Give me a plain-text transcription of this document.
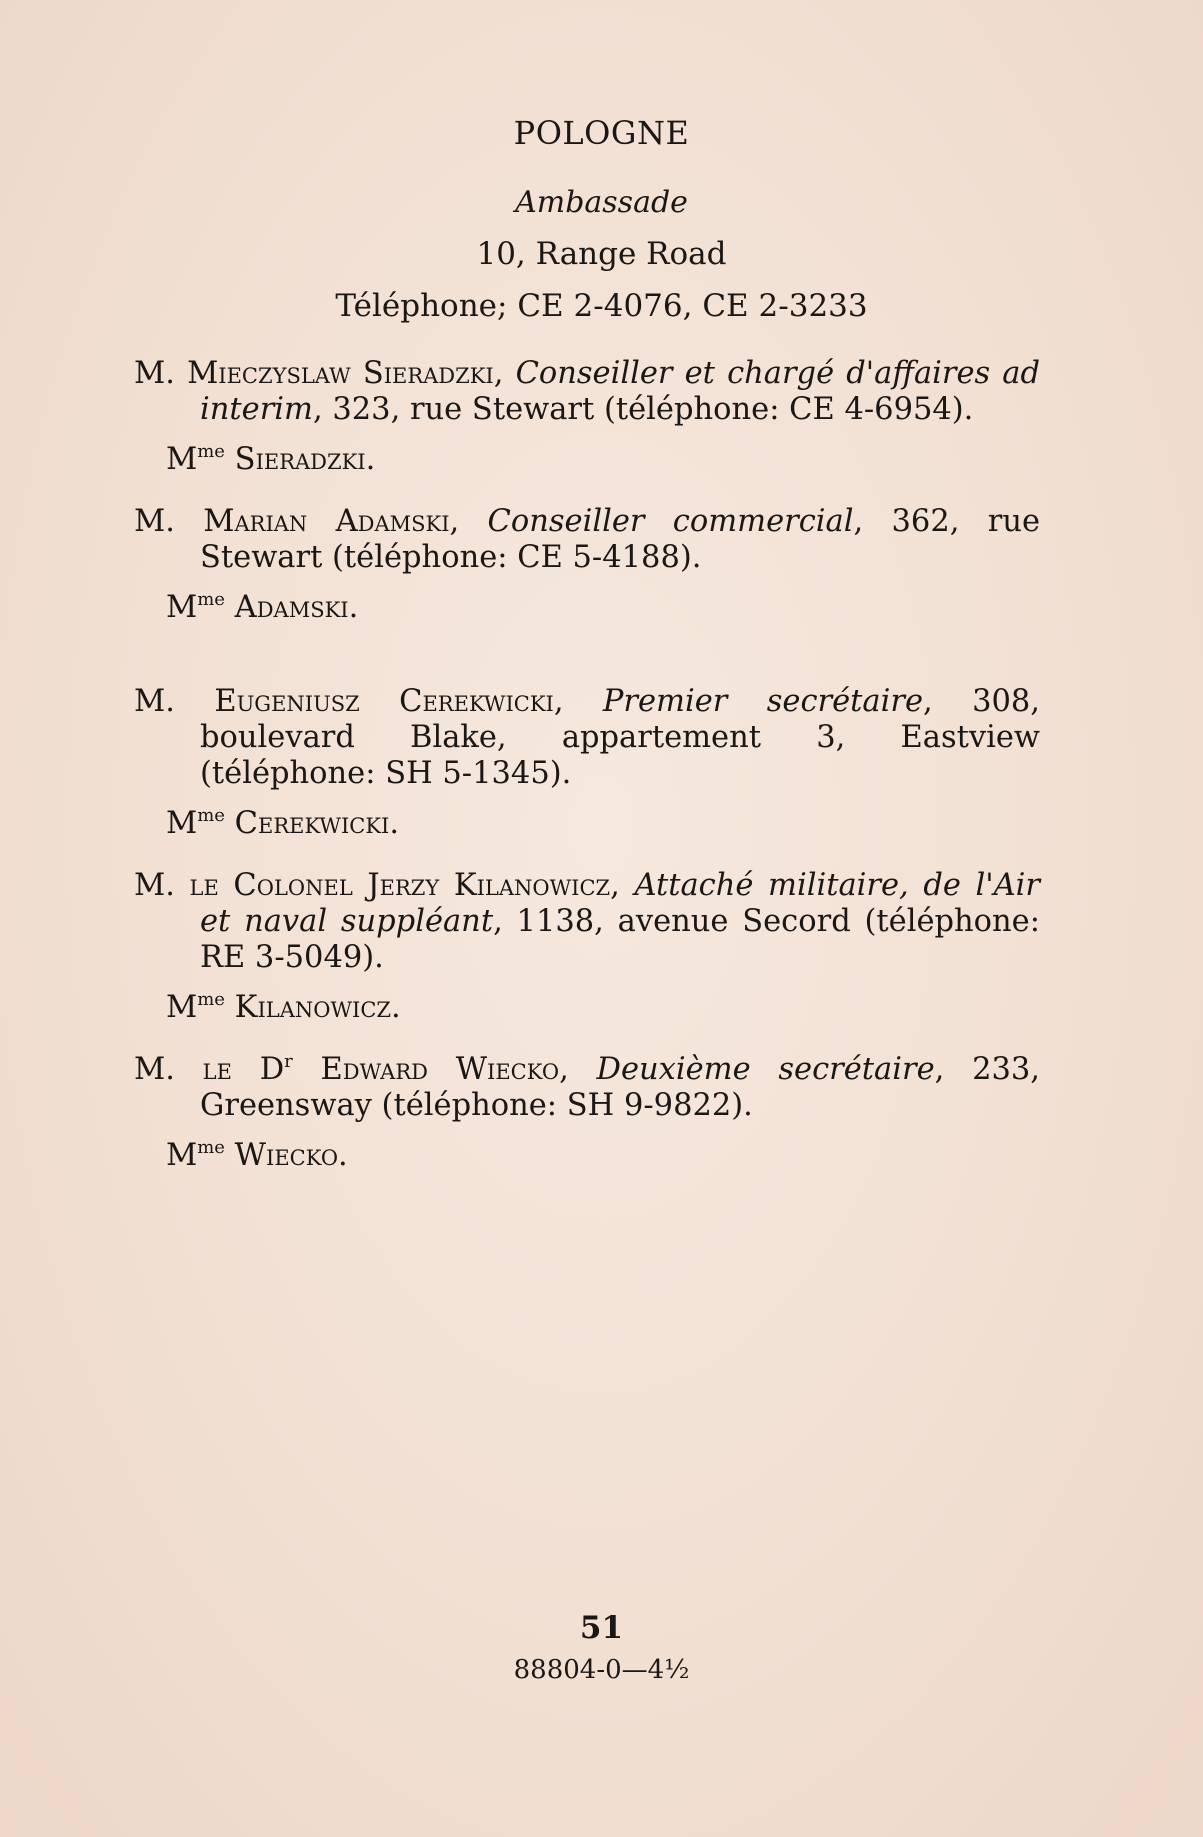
POLOGNE
Ambassade
10, Range Road
Téléphone; CE 2-4076, CE 2-3233
M. Mieczyslaw Sieradzki, Conseiller et chargé d'affaires ad interim, 323, rue Stewart (téléphone: CE 4-6954).
$M^{me}$ Sieradzki.
M. Marian Adamski, Conseiller commercial, 362, rue Stewart (téléphone: CE 5-4188).
$M^{me}$ Adamski.
M. Eugeniusz Cerekwicki, Premier secrétaire, 308, boulevard Blake, appartement 3, Eastview (téléphone: SH 5-1345).
$M^{me}$ Cerekwicki.
M. le Colonel Jerzy Kilanowicz, Attaché militaire, de l'Air et naval suppléant, 1138, avenue Secord (téléphone: RE 3-5049).
$M^{me}$ Kilanowicz.
M. le $D^r$ Edward Wiecko, Deuxième secrétaire, 233, Greensway (téléphone: SH 9-9822).
$M^{me}$ Wiecko.
51
88804-0—4½
